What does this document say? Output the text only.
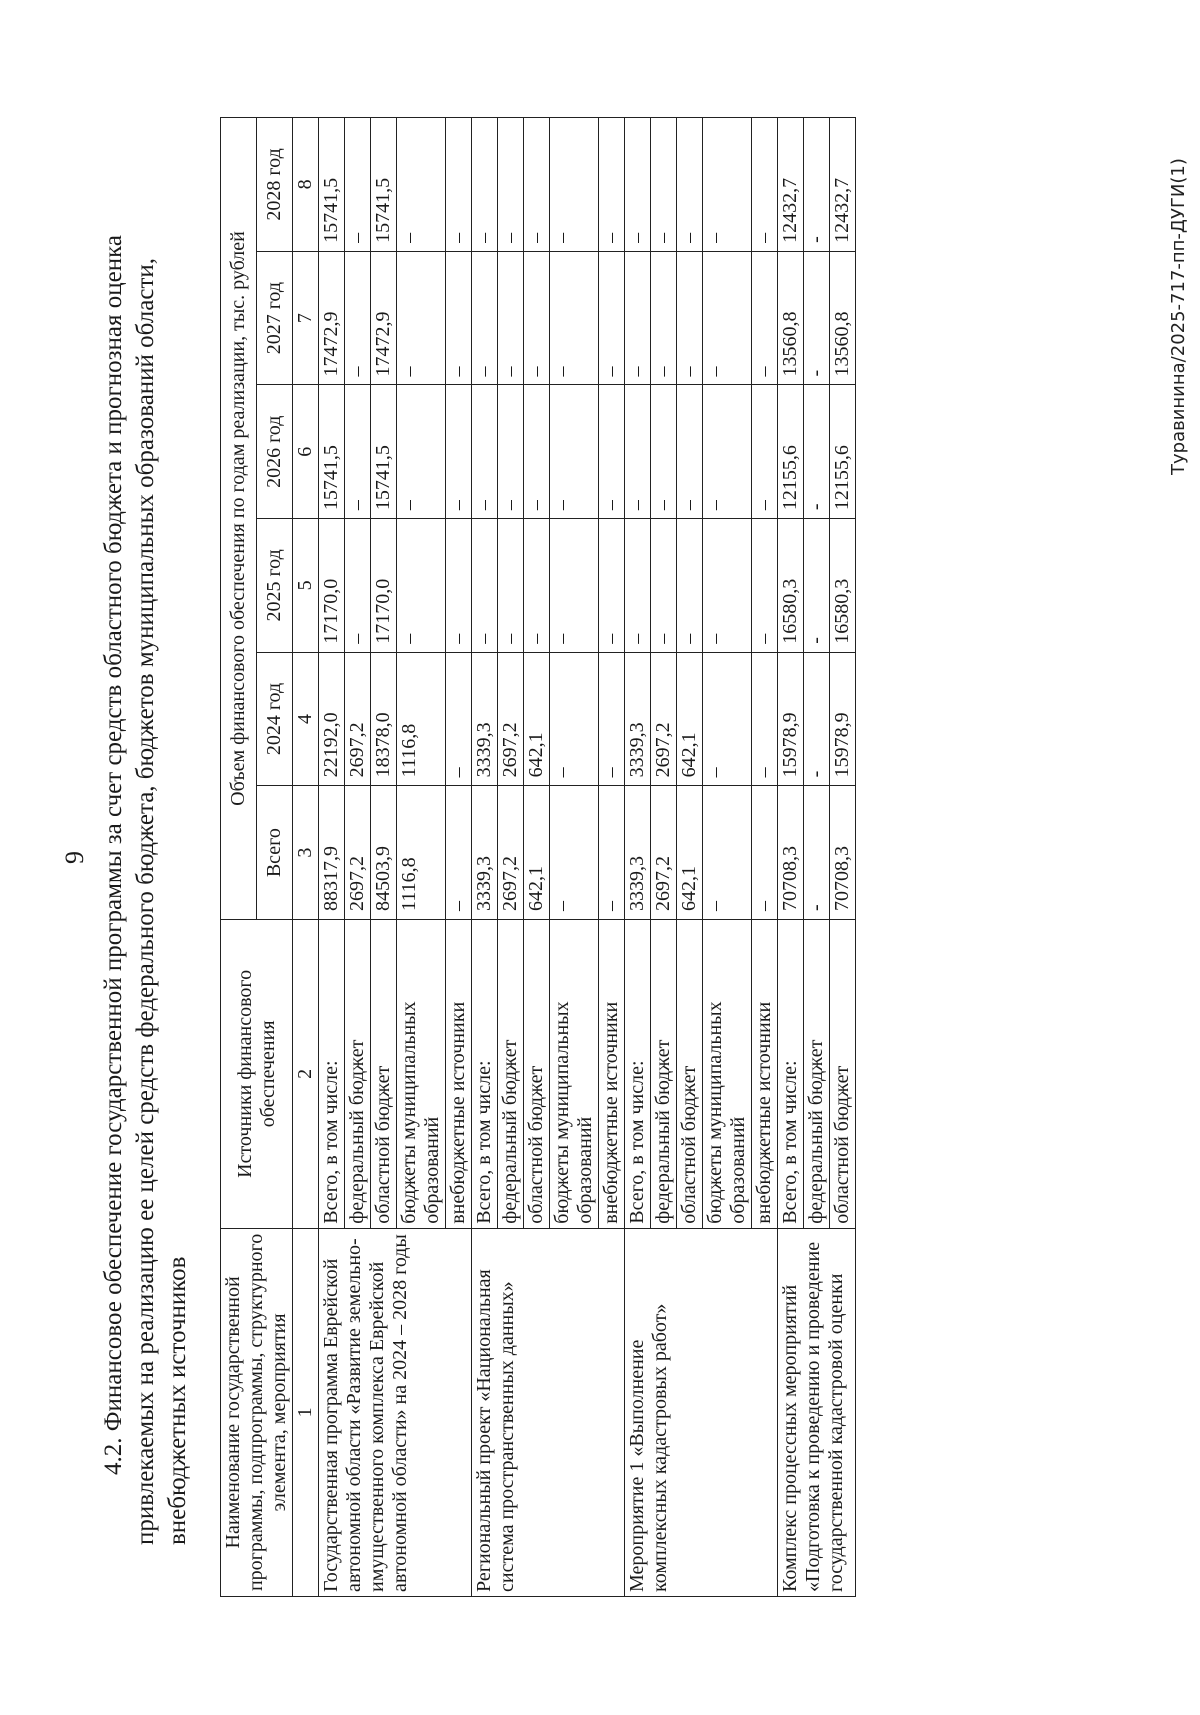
9 4.2. Финансовое обеспечение государственной программы за счет средств областного бюджета и прогнозная оценка привлекаемых на реализацию ее целей средств федерального бюджета, бюджетов муниципальных образований области, внебюджетных источников Наименование государственной программы, подпрограммы, структурного элемента, мероприятия	Источники финансового обеспечения	Объем финансового обеспечения по годам реализации, тыс. рублей					
		Всего	2024 год	2025 год	2026 год	2027 год	2028 год
1	2	3	4	5	6	7	8
Государственная программа Еврейской автономной области «Развитие земельно-имущественного комплекса Еврейской автономной области» на 2024 – 2028 годы	Всего, в том числе:	88317,9	22192,0	17170,0	15741,5	17472,9	15741,5
	федеральный бюджет	2697,2	2697,2	–	–	–	–
	областной бюджет	84503,9	18378,0	17170,0	15741,5	17472,9	15741,5
	бюджеты муниципальных образований	1116,8	1116,8	–	–	–	–
	внебюджетные источники	–	–	–	–	–	–
Региональный проект «Национальная система пространственных данных»	Всего, в том числе:	3339,3	3339,3	–	–	–	–
	федеральный бюджет	2697,2	2697,2	–	–	–	–
	областной бюджет	642,1	642,1	–	–	–	–
	бюджеты муниципальных образований	–	–	–	–	–	–
	внебюджетные источники	–	–	–	–	–	–
Мероприятие 1 «Выполнение комплексных кадастровых работ»	Всего, в том числе:	3339,3	3339,3	–	–	–	–
	федеральный бюджет	2697,2	2697,2	–	–	–	–
	областной бюджет	642,1	642,1	–	–	–	–
	бюджеты муниципальных образований	–	–	–	–	–	–
	внебюджетные источники	–	–	–	–	–	–
Комплекс процессных мероприятий «Подготовка к проведению и проведение государственной кадастровой оценки	Всего, в том числе:	70708,3	15978,9	16580,3	12155,6	13560,8	12432,7
	федеральный бюджет	-	-	-	-	-	-
	областной бюджет	70708,3	15978,9	16580,3	12155,6	13560,8	12432,7	Туравинина/2025-717-пп-ДУГИ(1)
